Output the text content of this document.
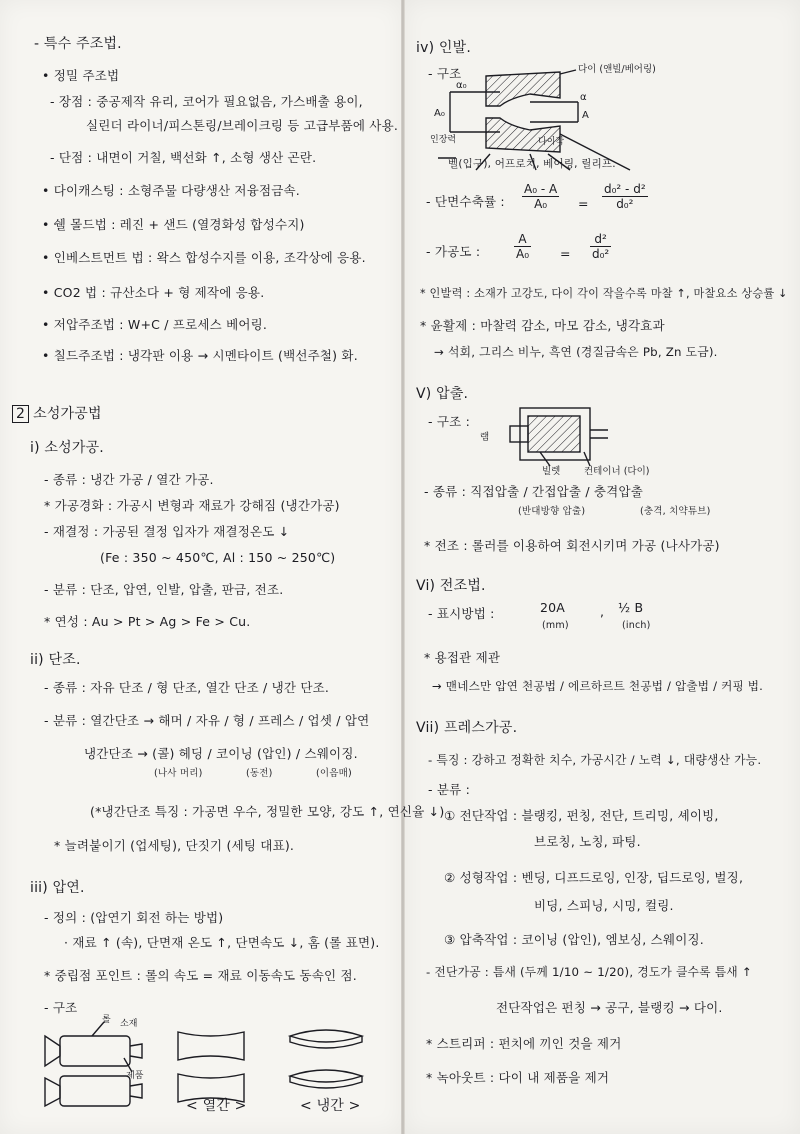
- 특수 주조법.
• 정밀 주조법
- 장점 : 중공제작 유리, 코어가 필요없음, 가스배출 용이,
실린더 라이너/피스톤링/브레이크링 등 고급부품에 사용.
- 단점 : 내면이 거칠, 백선화 ↑, 소형 생산 곤란.
• 다이캐스팅 : 소형주물 다량생산 저융점금속.
• 쉘 몰드법 : 레진 + 샌드 (열경화성 합성수지)
• 인베스트먼트 법 : 왁스 합성수지를 이용, 조각상에 응용.
• CO2 법 : 규산소다 + 형 제작에 응용.
• 저압주조법 : W+C / 프로세스 베어링.
• 칠드주조법 : 냉각판 이용 → 시멘타이트 (백선주철) 화.
2 소성가공법
i) 소성가공.
- 종류 : 냉간 가공 / 열간 가공.
* 가공경화 : 가공시 변형과 재료가 강해짐 (냉간가공)
- 재결정 : 가공된 결정 입자가 재결정온도 ↓
(Fe : 350 ~ 450℃, Al : 150 ~ 250℃)
- 분류 : 단조, 압연, 인발, 압출, 판금, 전조.
* 연성 : Au > Pt > Ag > Fe > Cu.
ii) 단조.
- 종류 : 자유 단조 / 형 단조, 열간 단조 / 냉간 단조.
- 분류 : 열간단조 → 해머 / 자유 / 형 / 프레스 / 업셋 / 압연
냉간단조 → (콜) 헤딩 / 코이닝 (압인) / 스웨이징.
(나사 머리)	(동전)	(이음매)
(*냉간단조 특징 : 가공면 우수, 정밀한 모양, 강도 ↑, 연신율 ↓)
* 늘려붙이기 (업세팅), 단짓기 (세팅 대표).
iii) 압연.
- 정의 : (압연기 회전 하는 방법)
· 재료 ↑ (속), 단면재 온도 ↑, 단면속도 ↓, 홈 (롤 표면).
* 중립점 포인트 : 롤의 속도 = 재료 이동속도 동속인 점.
- 구조
롤 소재
제품
< 열간 >	< 냉간 >
iv) 인발.
- 구조	다이 (앤빌/베어링)
A₀
α₀
α
A
인장력	다이각
벨(입구), 어프로치, 베어링, 릴리프.
- 단면수축률 : $\frac{\text{A₀ - A}}{\text{A₀}} = \frac{\text{d₀² - d²}}{\text{d₀²}}$
- 가공도 :	$\frac{A}{\text{A₀}} = \frac{\text{d²}}{\text{d₀²}}$
* 인발력 : 소재가 고강도, 다이 각이 작을수록 마찰 ↑, 마찰요소 상승률 ↓
* 윤활제 : 마찰력 감소, 마모 감소, 냉각효과
→ 석회, 그리스 비누, 흑연 (경질금속은 Pb, Zn 도금).
V) 압출.
- 구조 :
램
빌렛 컨테이너 (다이)
- 종류 : 직접압출 / 간접압출 / 충격압출
(반대방향 압출)	(충격, 치약튜브)
* 전조 : 롤러를 이용하여 회전시키며 가공 (나사가공)
Vi) 전조법.
- 표시방법 :	20A
(mm)
, ½ B
(inch)
* 용접관 제관
→ 맨네스만 압연 천공법 / 에르하르트 천공법 / 압출법 / 커핑 법.
Vii) 프레스가공.
- 특징 : 강하고 정확한 치수, 가공시간 / 노력 ↓, 대량생산 가능.
- 분류 :
① 전단작업 : 블랭킹, 펀칭, 전단, 트리밍, 셰이빙,
브로칭, 노칭, 파팅.
② 성형작업 : 벤딩, 디프드로잉, 인장, 딥드로잉, 벌징,
비딩, 스피닝, 시밍, 컬링.
③ 압축작업 : 코이닝 (압인), 엠보싱, 스웨이징.
- 전단가공 : 틈새 (두께 1/10 ~ 1/20), 경도가 클수록 틈새 ↑
전단작업은 펀칭 → 공구, 블랭킹 → 다이.
* 스트리퍼 : 펀치에 끼인 것을 제거
* 녹아웃트 : 다이 내 제품을 제거
